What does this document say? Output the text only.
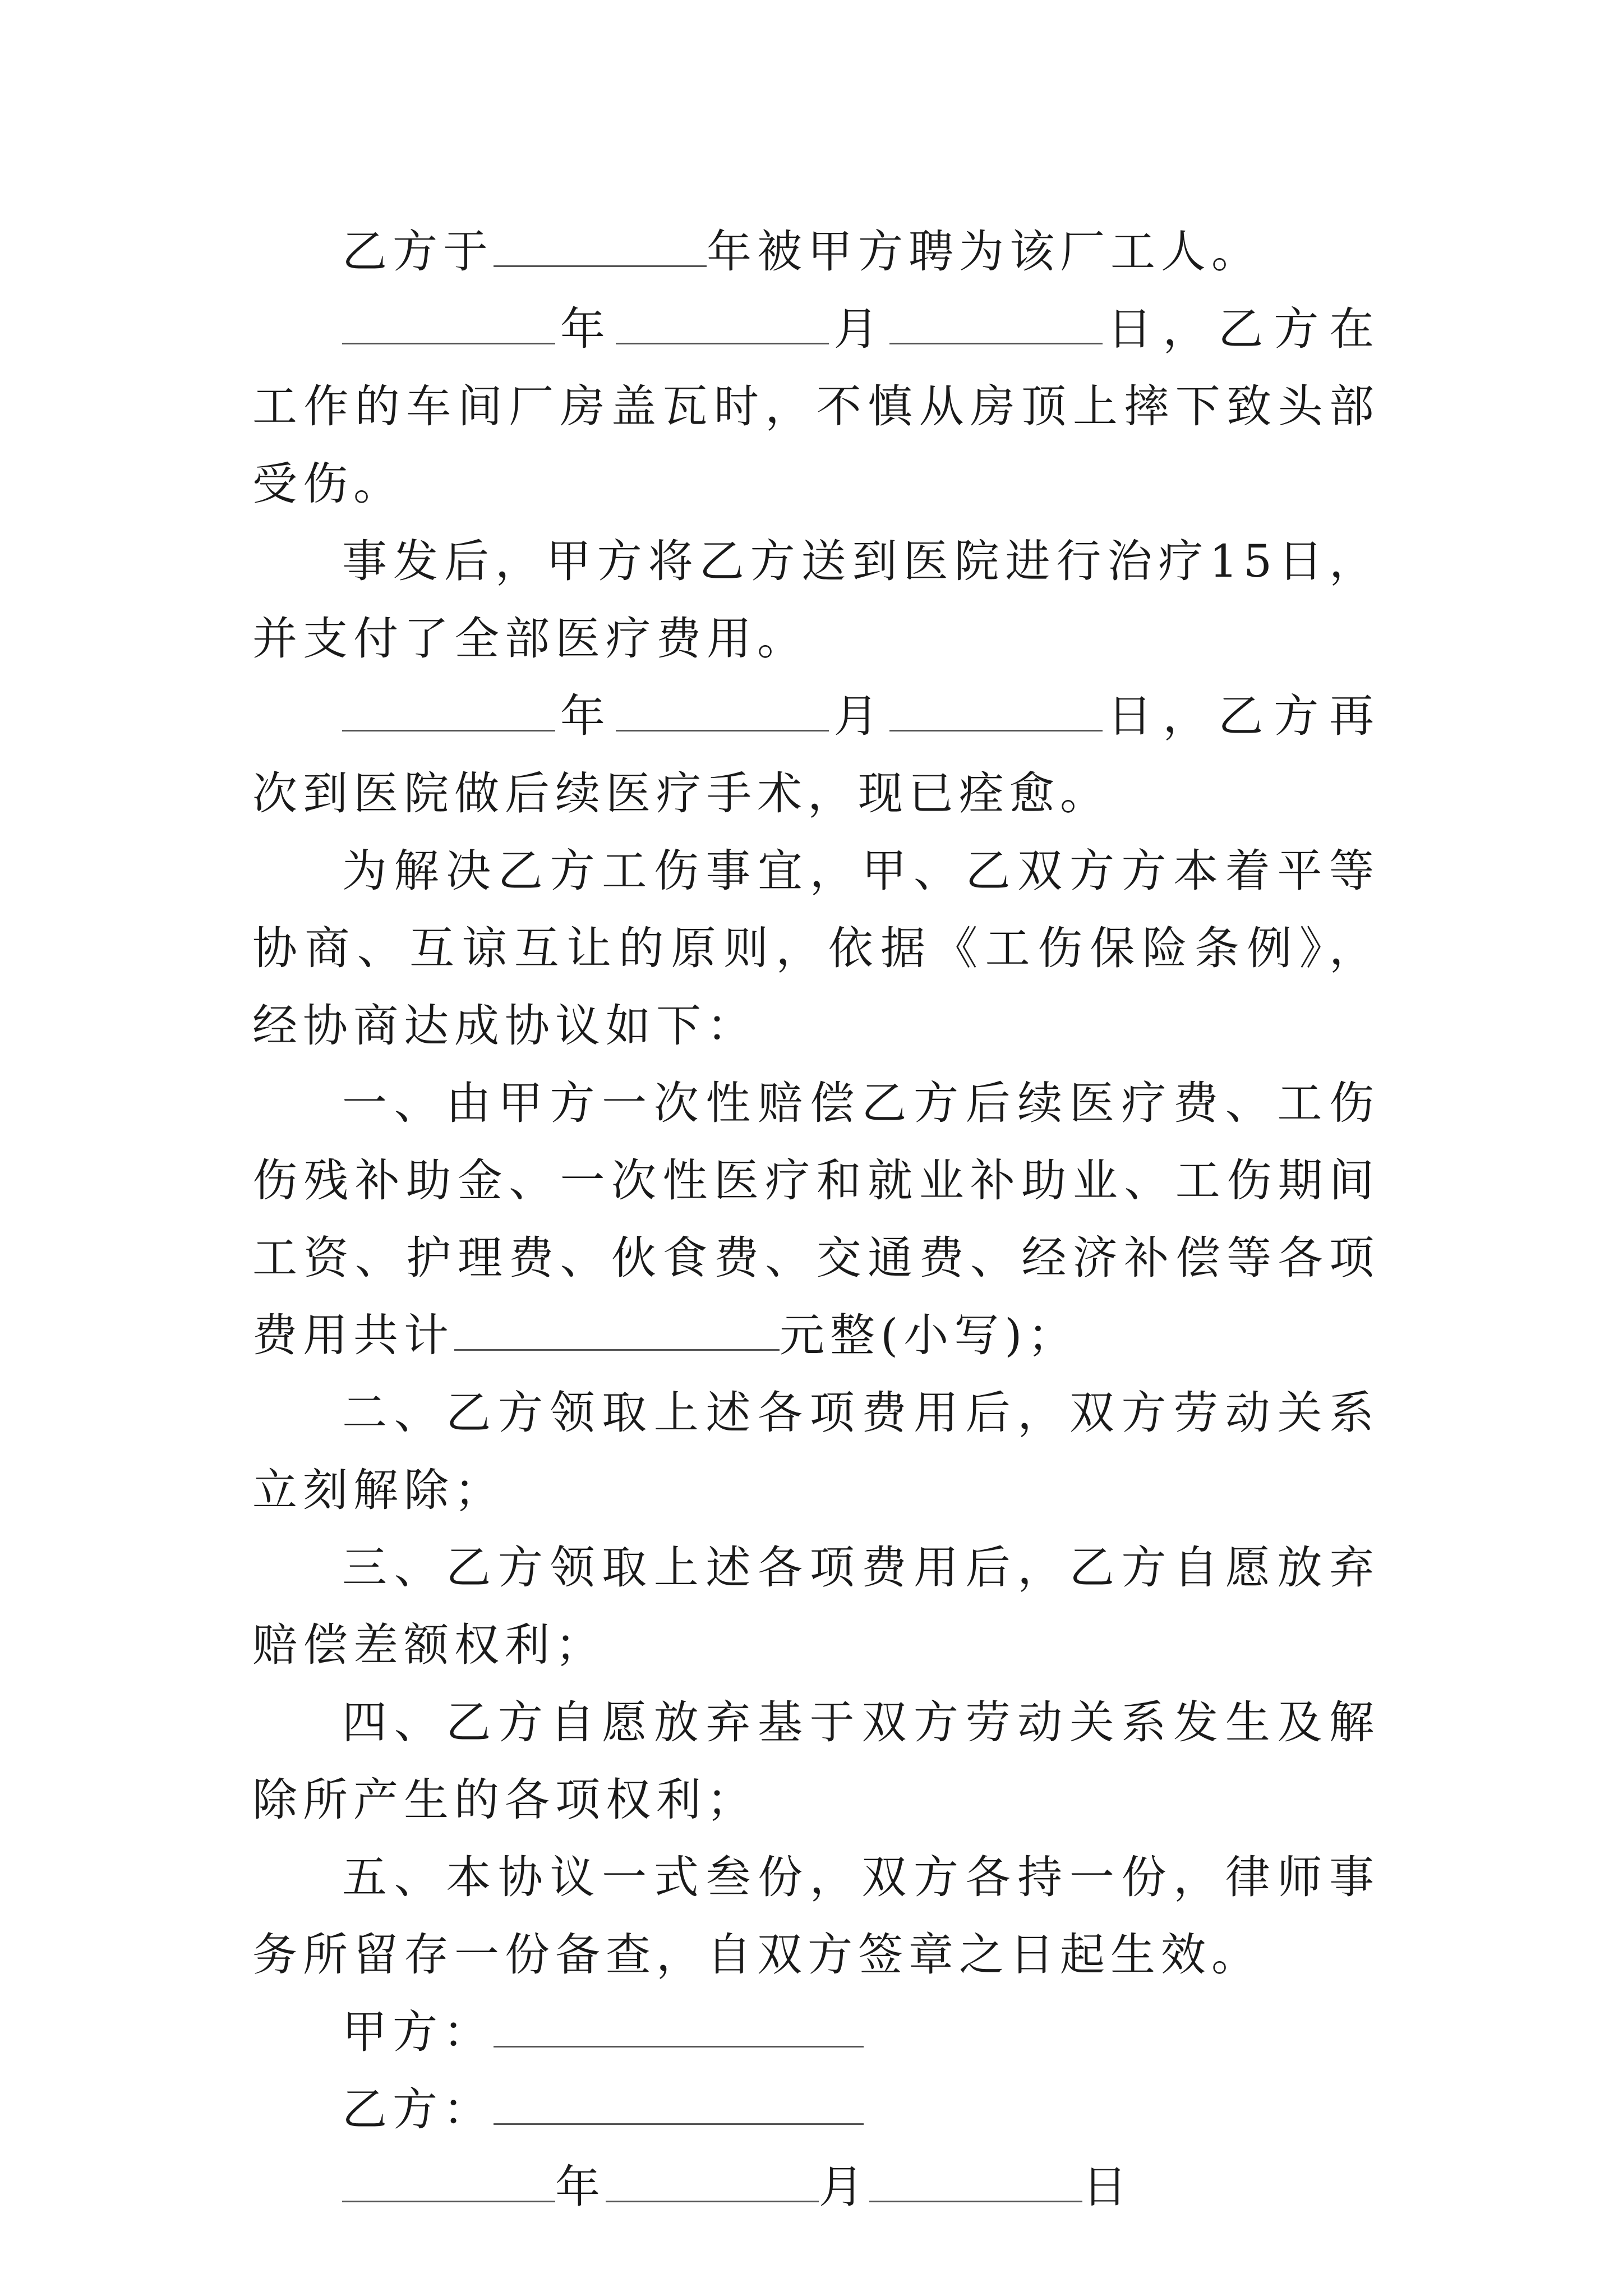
乙方于	年被甲方聘为该厂工人。

年	月	日，乙方在工作的车间厂房盖瓦时，不慎从房顶上摔下致头部受伤。

事发后，甲方将乙方送到医院进行治疗15日，并支付了全部医疗费用。

年	月	日，乙方再次到医院做后续医疗手术，现已痊愈。

为解决乙方工伤事宜，甲、乙双方方本着平等协商、互谅互让的原则，依据《工伤保险条例》，经协商达成协议如下：

一、由甲方一次性赔偿乙方后续医疗费、工伤伤残补助金、一次性医疗和就业补助业、工伤期间工资、护理费、伙食费、交通费、经济补偿等各项费用共计	元整(小写)；

二、乙方领取上述各项费用后，双方劳动关系立刻解除；

三、乙方领取上述各项费用后，乙方自愿放弃赔偿差额权利；

四、乙方自愿放弃基于双方劳动关系发生及解除所产生的各项权利；

五、本协议一式叁份，双方各持一份，律师事务所留存一份备查，自双方签章之日起生效。

甲方：

乙方：

年	月	日
